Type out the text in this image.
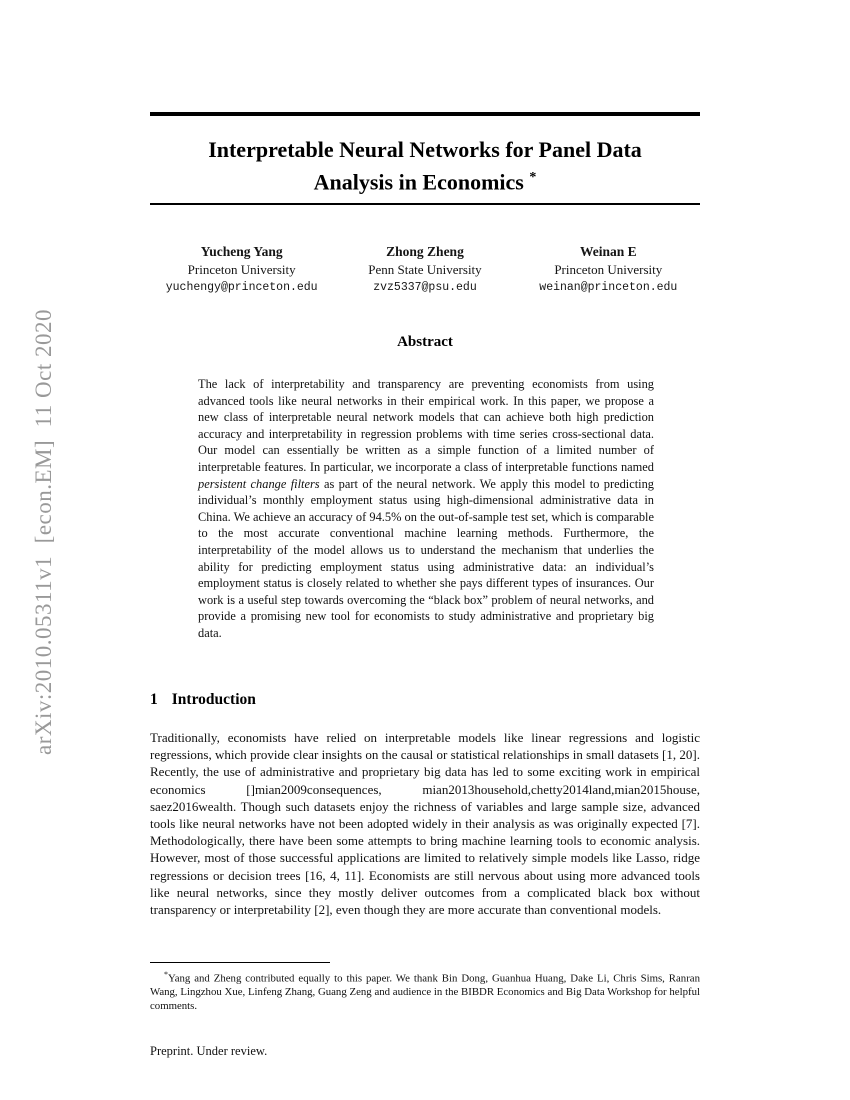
arXiv:2010.05311v1  [econ.EM]  11 Oct 2020
Interpretable Neural Networks for Panel Data Analysis in Economics *
Yucheng Yang
Princeton University
yuchengy@princeton.edu
Zhong Zheng
Penn State University
zvz5337@psu.edu
Weinan E
Princeton University
weinan@princeton.edu
Abstract

The lack of interpretability and transparency are preventing economists from using advanced tools like neural networks in their empirical work. In this paper, we propose a new class of interpretable neural network models that can achieve both high prediction accuracy and interpretability in regression problems with time series cross-sectional data. Our model can essentially be written as a simple function of a limited number of interpretable features. In particular, we incorporate a class of interpretable functions named persistent change filters as part of the neural network. We apply this model to predicting individual’s monthly employment status using high-dimensional administrative data in China. We achieve an accuracy of 94.5% on the out-of-sample test set, which is comparable to the most accurate conventional machine learning methods. Furthermore, the interpretability of the model allows us to understand the mechanism that underlies the ability for predicting employment status using administrative data: an individual’s employment status is closely related to whether she pays different types of insurances. Our work is a useful step towards overcoming the “black box” problem of neural networks, and provide a promising new tool for economists to study administrative and proprietary big data.

1 Introduction

Traditionally, economists have relied on interpretable models like linear regressions and logistic regressions, which provide clear insights on the causal or statistical relationships in small datasets [1, 20]. Recently, the use of administrative and proprietary big data has led to some exciting work in empirical economics []mian2009consequences, mian2013household,chetty2014land,mian2015house, saez2016wealth. Though such datasets enjoy the richness of variables and large sample size, advanced tools like neural networks have not been adopted widely in their analysis as was originally expected [7]. Methodologically, there have been some attempts to bring machine learning tools to economic analysis. However, most of those successful applications are limited to relatively simple models like Lasso, ridge regressions or decision trees [16, 4, 11]. Economists are still nervous about using more advanced tools like neural networks, since they mostly deliver outcomes from a complicated black box without transparency or interpretability [2], even though they are more accurate than conventional models.

*Yang and Zheng contributed equally to this paper. We thank Bin Dong, Guanhua Huang, Dake Li, Chris Sims, Ranran Wang, Lingzhou Xue, Linfeng Zhang, Guang Zeng and audience in the BIBDR Economics and Big Data Workshop for helpful comments.

Preprint. Under review.
